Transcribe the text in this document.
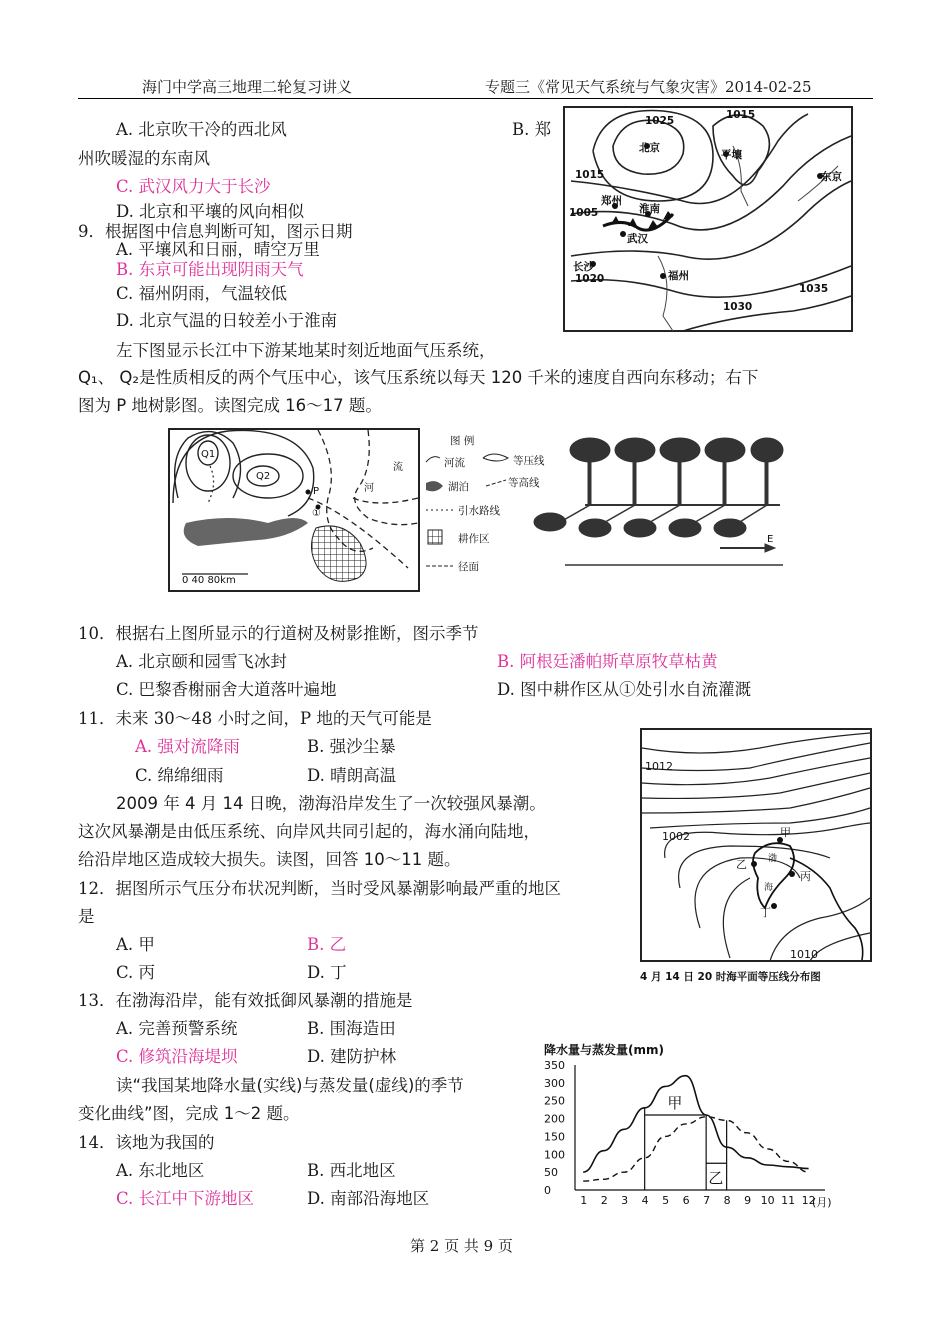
海门中学高三地理二轮复习讲义	专题三《常见天气系统与气象灾害》2014-02-25
A. 北京吹干冷的西北风	B. 郑
州吹暖湿的东南风
C. 武汉风力大于长沙
D. 北京和平壤的风向相似
9．根据图中信息判断可知，图示日期
A. 平壤风和日丽，晴空万里
B. 东京可能出现阴雨天气
C. 福州阴雨，气温较低
D. 北京气温的日较差小于淮南
1025	1015
北京
平壤
东京
1015
1005
郑州
淮南
武汉
长沙
1020	福州
1030
1035
左下图显示长江中下游某地某时刻近地面气压系统，
Q₁、 Q₂是性质相反的两个气压中心，该气压系统以每天 120 千米的速度自西向东移动；右下
图为 P 地树影图。读图完成 16～17 题。
Q1
Q2
P
①
流
河
0 40 80km
图 例
河流	等压线
湖泊	等高线
引水路线
耕作区
径面
E
10．根据右上图所显示的行道树及树影推断，图示季节
A. 北京颐和园雪飞冰封	B. 阿根廷潘帕斯草原牧草枯黄
C. 巴黎香榭丽舍大道落叶遍地	D. 图中耕作区从①处引水自流灌溉
11．未来 30～48 小时之间，P 地的天气可能是
A. 强对流降雨	B. 强沙尘暴
C. 绵绵细雨	D. 晴朗高温
2009 年 4 月 14 日晚，渤海沿岸发生了一次较强风暴潮。
这次风暴潮是由低压系统、向岸风共同引起的，海水涌向陆地，
给沿岸地区造成较大损失。读图，回答 10～11 题。
1012
1002	甲
乙 渤
海
丙
丁
1010
4 月 14 日 20 时海平面等压线分布图
12．据图所示气压分布状况判断，当时受风暴潮影响最严重的地区
是
A. 甲	B. 乙
C. 丙	D. 丁
13．在渤海沿岸，能有效抵御风暴潮的措施是
A. 完善预警系统	B. 围海造田
C. 修筑沿海堤坝	D. 建防护林
读“我国某地降水量(实线)与蒸发量(虚线)的季节
变化曲线”图，完成 1～2 题。
14．该地为我国的
A. 东北地区	B. 西北地区
C. 长江中下游地区	D. 南部沿海地区
降水量与蒸发量(mm)
0
50
100
150
200
250
300
350
1 2 3 4 5 6 7 8 9 10 11 12
(月)
甲
乙
第 2 页 共 9 页
